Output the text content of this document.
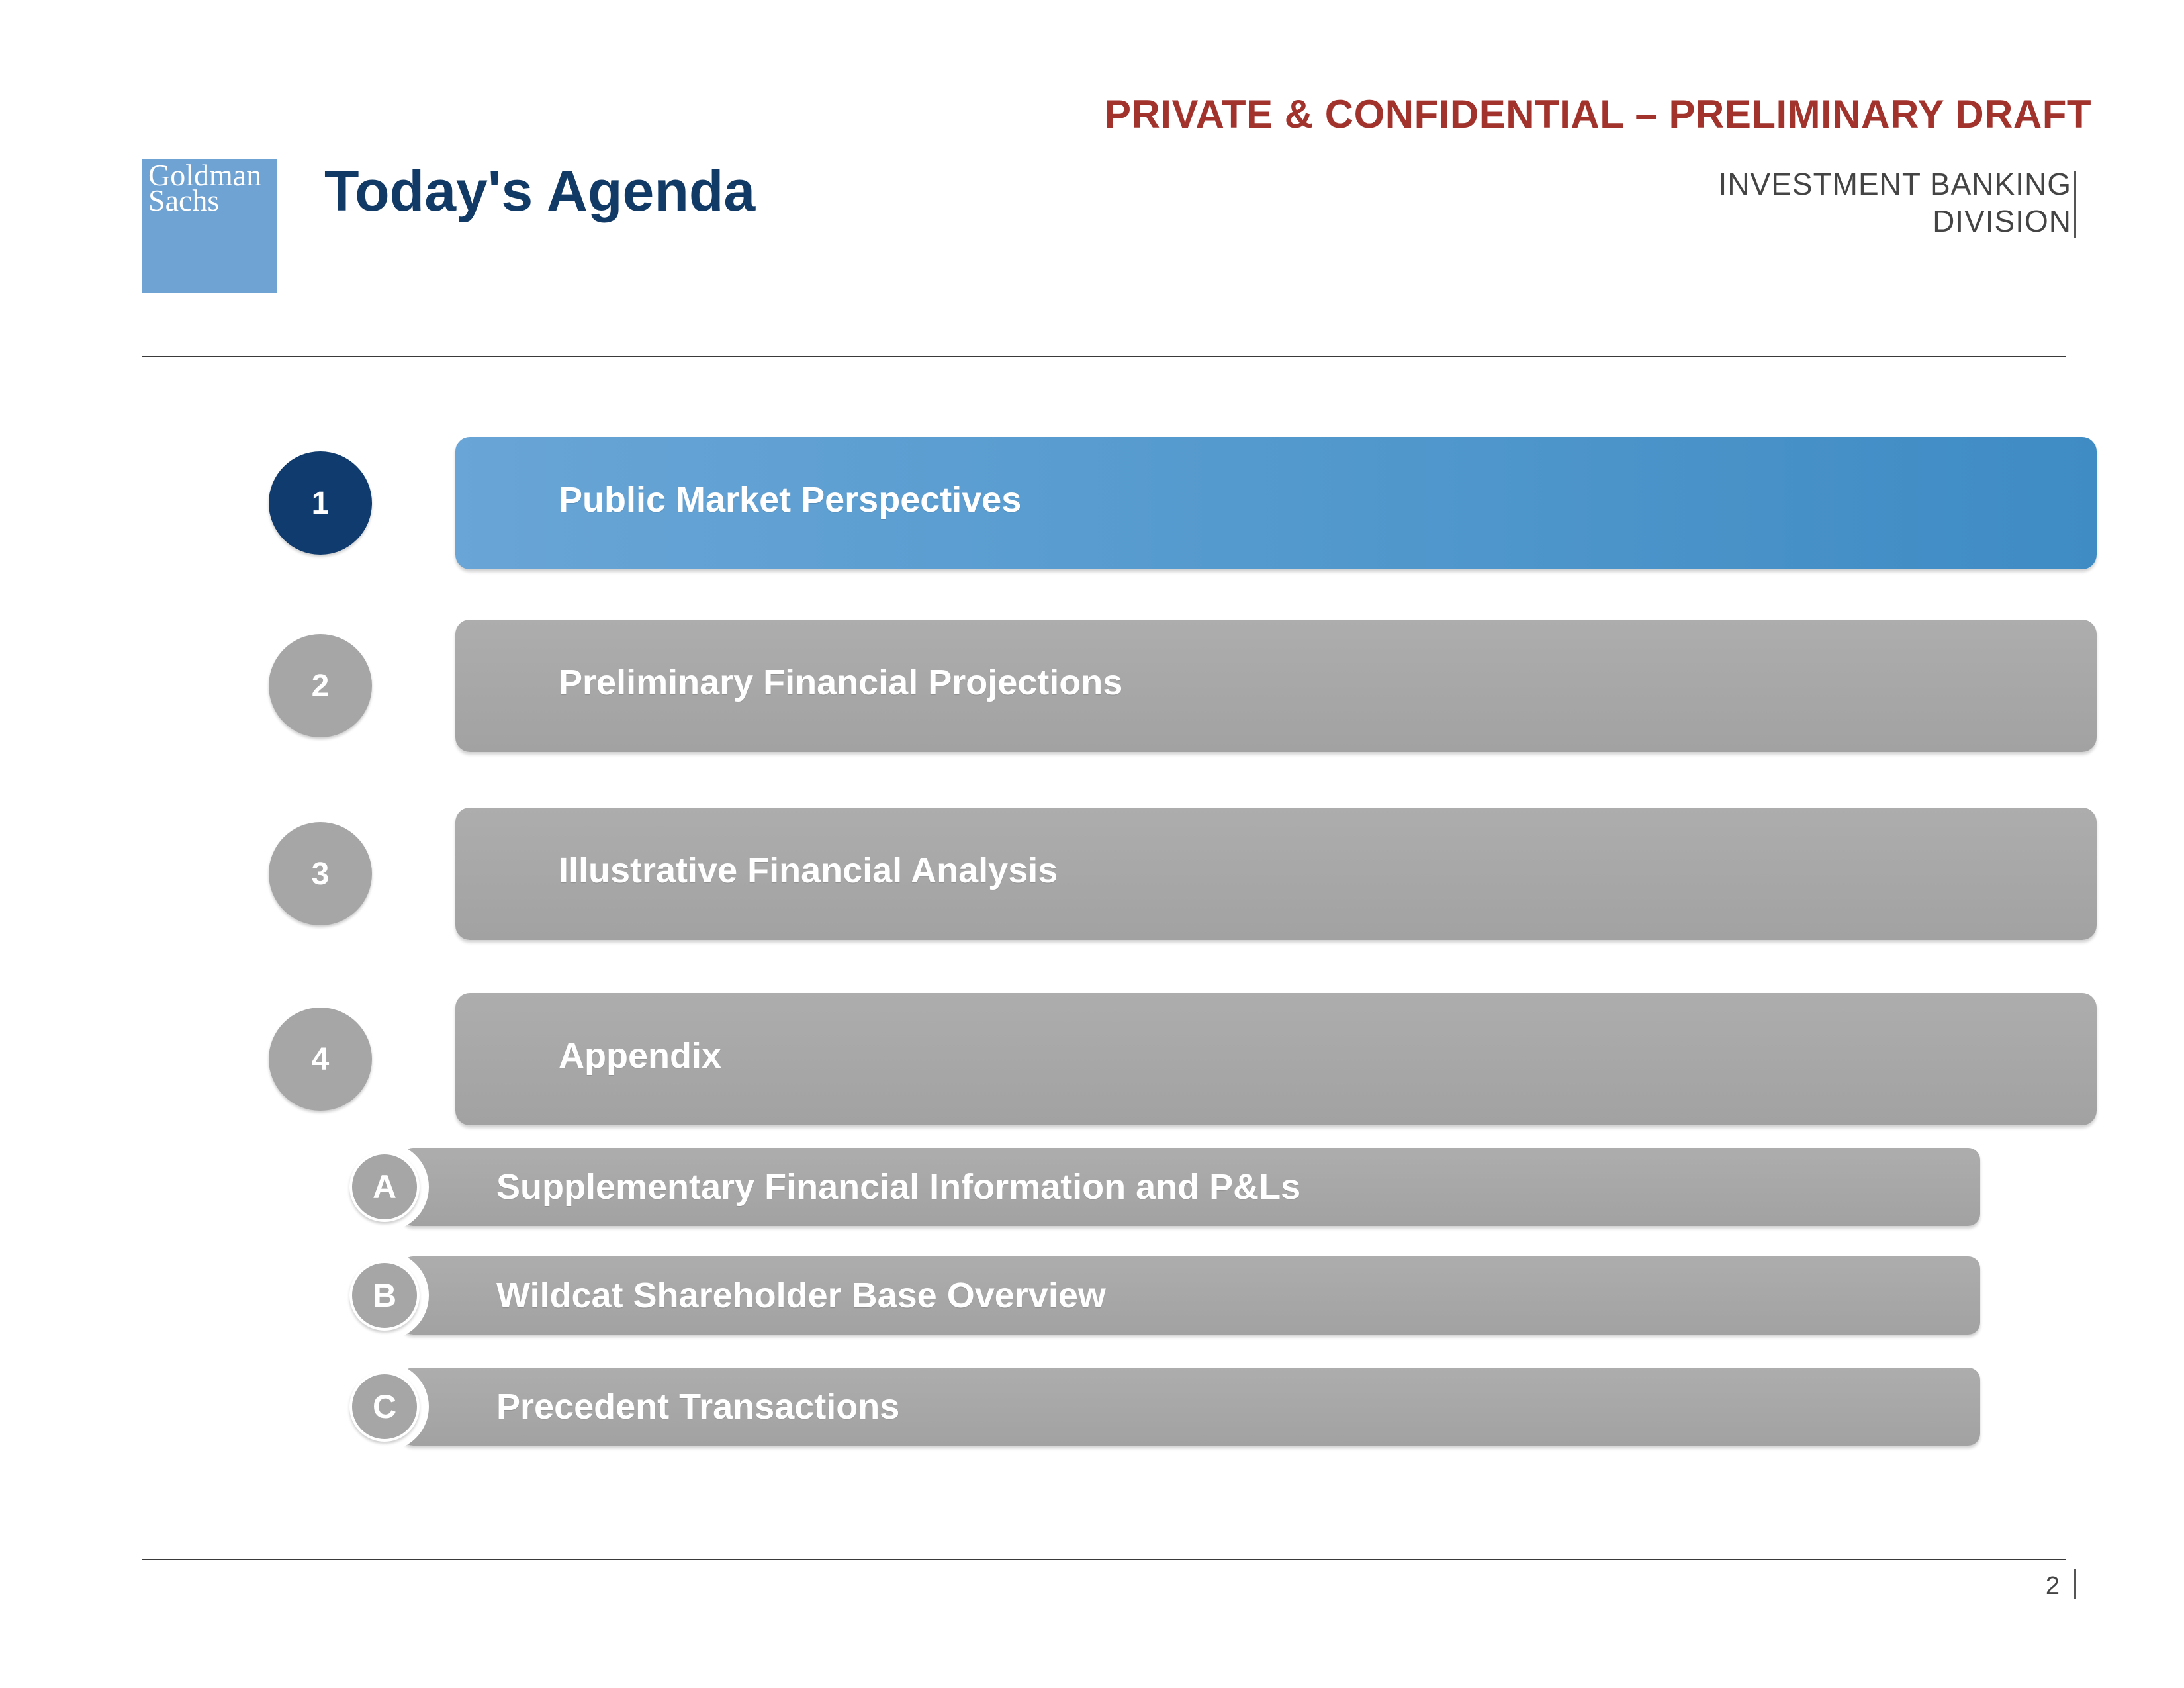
PRIVATE & CONFIDENTIAL – PRELIMINARY DRAFT
Goldman
Sachs	Today's Agenda	INVESTMENT BANKING
DIVISION
1	Public Market Perspectives
2	Preliminary Financial Projections
3	Illustrative Financial Analysis
4	Appendix
A	Supplementary Financial Information and P&Ls
B	Wildcat Shareholder Base Overview
C	Precedent Transactions
2
